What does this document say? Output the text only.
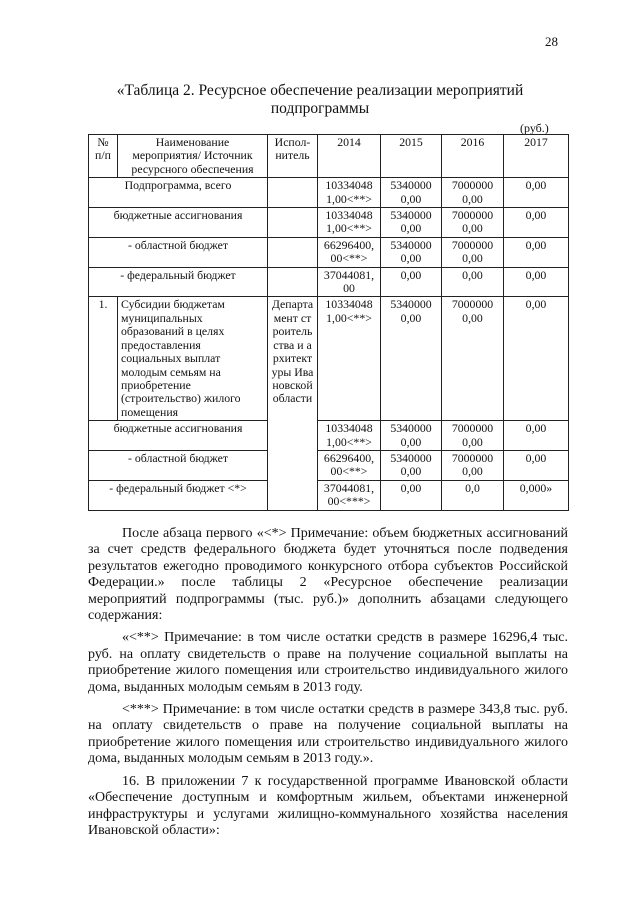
28
«Таблица 2. Ресурсное обеспечение реализации мероприятий подпрограммы
(руб.)
№ п/п	Наименование мероприятия/ Источник ресурсного обеспечения	Испол-нитель	2014	2015	2016	2017
Подпрограмма, всего			10334048 1,00<**>	5340000 0,00	7000000 0,00	0,00
бюджетные ассигнования			10334048 1,00<**>	5340000 0,00	7000000 0,00	0,00
- областной бюджет			66296400, 00<**>	5340000 0,00	7000000 0,00	0,00
- федеральный бюджет			37044081, 00	0,00	0,00	0,00
1.	Субсидии бюджетам муниципальных образований в целях предоставления социальных выплат молодым семьям на приобретение (строительство) жилого помещения	Департамент строительства и архитектуры Ивановской области	10334048 1,00<**>	5340000 0,00	7000000 0,00	0,00
бюджетные ассигнования			10334048 1,00<**>	5340000 0,00	7000000 0,00	0,00
- областной бюджет			66296400, 00<**>	5340000 0,00	7000000 0,00	0,00
- федеральный бюджет <*>			37044081, 00<***>	0,00	0,0	0,000»

После абзаца первого «<*> Примечание: объем бюджетных ассигнований за счет средств федерального бюджета будет уточняться после подведения результатов ежегодно проводимого конкурсного отбора субъектов Российской Федерации.» после таблицы 2 «Ресурсное обеспечение реализации мероприятий подпрограммы (тыс. руб.)» дополнить абзацами следующего содержания:

«<**> Примечание: в том числе остатки средств в размере 16296,4 тыс. руб. на оплату свидетельств о праве на получение социальной выплаты на приобретение жилого помещения или строительство индивидуального жилого дома, выданных молодым семьям в 2013 году.

<***> Примечание: в том числе остатки средств в размере 343,8 тыс. руб. на оплату свидетельств о праве на получение социальной выплаты на приобретение жилого помещения или строительство индивидуального жилого дома, выданных молодым семьям в 2013 году.».

16. В приложении 7 к государственной программе Ивановской области «Обеспечение доступным и комфортным жильем, объектами инженерной инфраструктуры и услугами жилищно-коммунального хозяйства населения Ивановской области»:
